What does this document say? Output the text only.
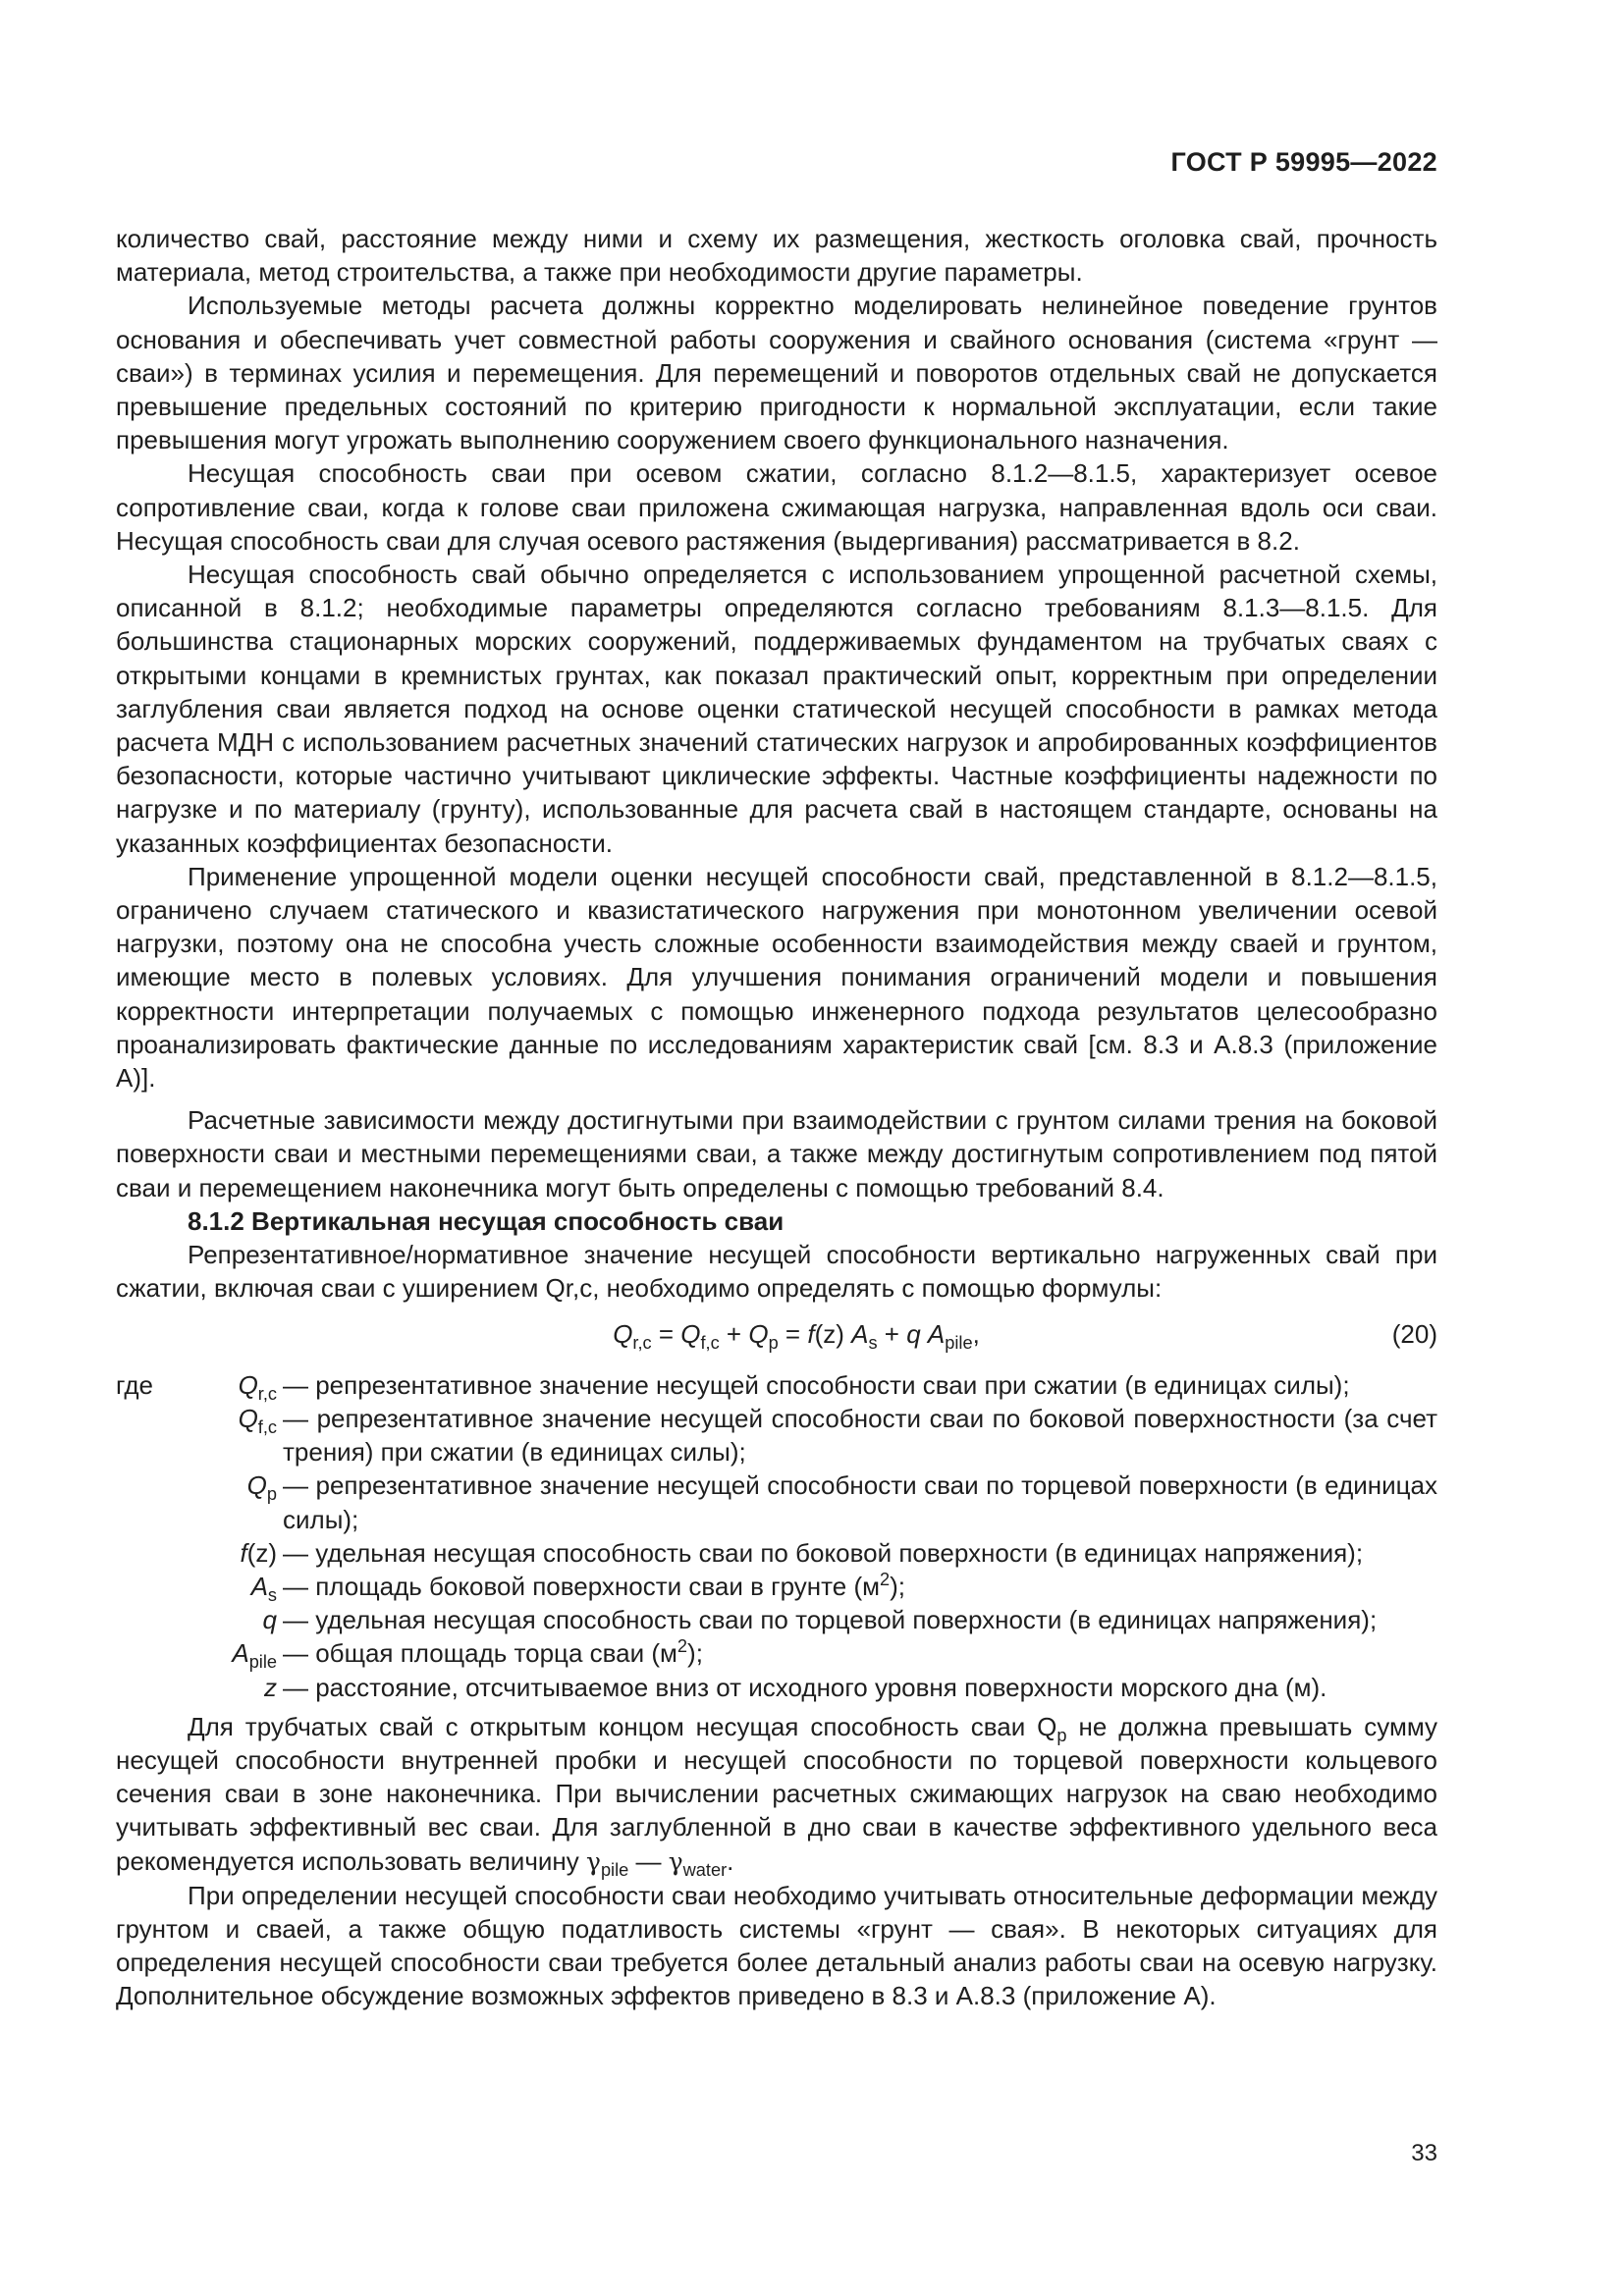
ГОСТ Р 59995—2022

количество свай, расстояние между ними и схему их размещения, жесткость оголовка свай, прочность материала, метод строительства, а также при необходимости другие параметры.

Используемые методы расчета должны корректно моделировать нелинейное поведение грунтов основания и обеспечивать учет совместной работы сооружения и свайного основания (система «грунт — сваи») в терминах усилия и перемещения. Для перемещений и поворотов отдельных свай не допускается превышение предельных состояний по критерию пригодности к нормальной эксплуатации, если такие превышения могут угрожать выполнению сооружением своего функционального назначения.

Несущая способность сваи при осевом сжатии, согласно 8.1.2—8.1.5, характеризует осевое сопротивление сваи, когда к голове сваи приложена сжимающая нагрузка, направленная вдоль оси сваи. Несущая способность сваи для случая осевого растяжения (выдергивания) рассматривается в 8.2.

Несущая способность свай обычно определяется с использованием упрощенной расчетной схемы, описанной в 8.1.2; необходимые параметры определяются согласно требованиям 8.1.3—8.1.5. Для большинства стационарных морских сооружений, поддерживаемых фундаментом на трубчатых сваях с открытыми концами в кремнистых грунтах, как показал практический опыт, корректным при определении заглубления сваи является подход на основе оценки статической несущей способности в рамках метода расчета МДН с использованием расчетных значений статических нагрузок и апробированных коэффициентов безопасности, которые частично учитывают циклические эффекты. Частные коэффициенты надежности по нагрузке и по материалу (грунту), использованные для расчета свай в настоящем стандарте, основаны на указанных коэффициентах безопасности.

Применение упрощенной модели оценки несущей способности свай, представленной в 8.1.2—8.1.5, ограничено случаем статического и квазистатического нагружения при монотонном увеличении осевой нагрузки, поэтому она не способна учесть сложные особенности взаимодействия между сваей и грунтом, имеющие место в полевых условиях. Для улучшения понимания ограничений модели и повышения корректности интерпретации получаемых с помощью инженерного подхода результатов целесообразно проанализировать фактические данные по исследованиям характеристик свай [см. 8.3 и А.8.3 (приложение А)].

Расчетные зависимости между достигнутыми при взаимодействии с грунтом силами трения на боковой поверхности сваи и местными перемещениями сваи, а также между достигнутым сопротивлением под пятой сваи и перемещением наконечника могут быть определены с помощью требований 8.4.

8.1.2 Вертикальная несущая способность сваи

Репрезентативное/нормативное значение несущей способности вертикально нагруженных свай при сжатии, включая сваи с уширением Qr,c, необходимо определять с помощью формулы:

$Q_{r,c} = Q_{f,c} + Q_p = f(z) A_s + q$ $A_{pile}$,	(20)
где	$Q_{r,c}$ — репрезентативное значение несущей способности сваи при сжатии (в единицах силы);
$Q_{f,c}$ — репрезентативное значение несущей способности сваи по боковой поверхностности (за счет трения) при сжатии (в единицах силы);
$Q_p$ — репрезентативное значение несущей способности сваи по торцевой поверхности (в единицах силы);
f(z) — удельная несущая способность сваи по боковой поверхности (в единицах напряжения);
$A_s$ — площадь боковой поверхности сваи в грунте $(м^2)$;
q — удельная несущая способность сваи по торцевой поверхности (в единицах напряжения);
$A_{pile}$ — общая площадь торца сваи $(м^2)$;
z — расстояние, отсчитываемое вниз от исходного уровня поверхности морского дна (м).

Для трубчатых свай с открытым концом несущая способность сваи $Q_p$ не должна превышать сумму несущей способности внутренней пробки и несущей способности по торцевой поверхности кольцевого сечения сваи в зоне наконечника. При вычислении расчетных сжимающих нагрузок на сваю необходимо учитывать эффективный вес сваи. Для заглубленной в дно сваи в качестве эффективного удельного веса рекомендуется использовать величину $\gamma_{pile}$ — $\gamma_{water}$.

При определении несущей способности сваи необходимо учитывать относительные деформации между грунтом и сваей, а также общую податливость системы «грунт — свая». В некоторых ситуациях для определения несущей способности сваи требуется более детальный анализ работы сваи на осевую нагрузку. Дополнительное обсуждение возможных эффектов приведено в 8.3 и А.8.3 (приложение А).

33
